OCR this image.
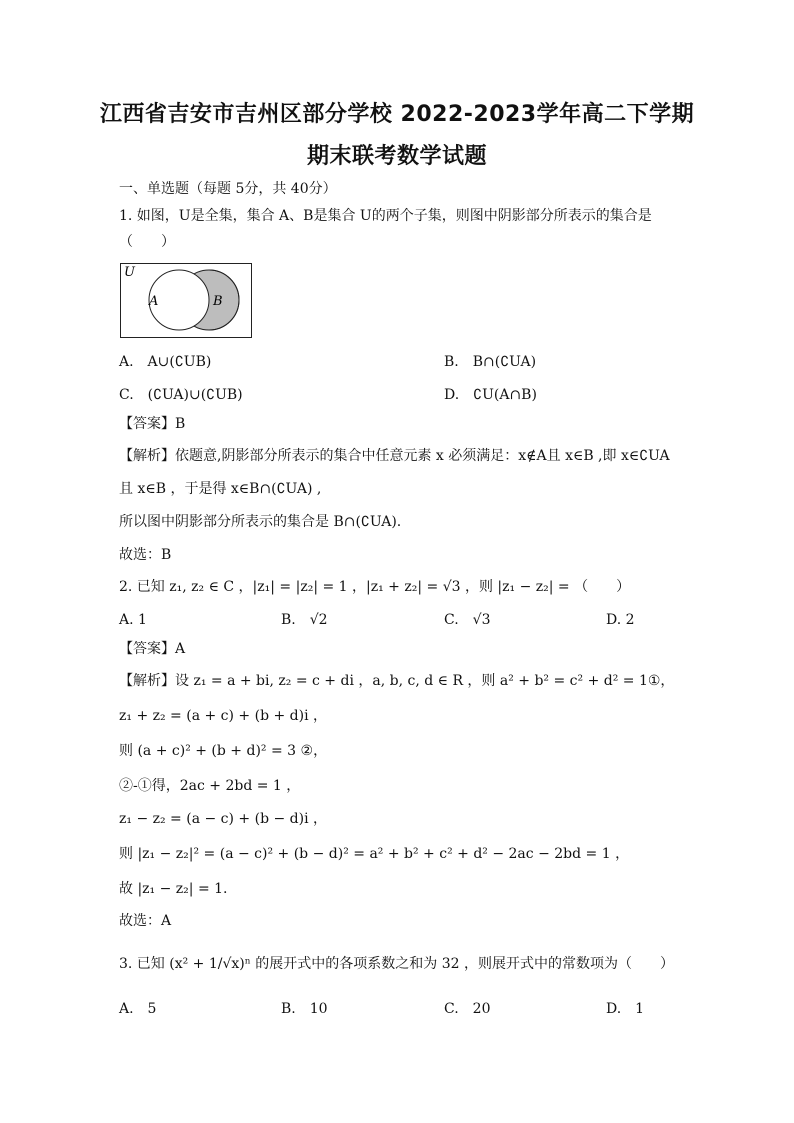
江西省吉安市吉州区部分学校 2022-2023学年高二下学期
期末联考数学试题
一、单选题（每题 5分，共 40分）
1. 如图，U是全集，集合 A、B是集合 U的两个子集，则图中阴影部分所表示的集合是
（　　）
U
A	B
A.　A∪(∁UB)	B.　B∩(∁UA)
C.　(∁UA)∪(∁UB)	D.　∁U(A∩B)
【答案】B
【解析】依题意,阴影部分所表示的集合中任意元素 x 必须满足：x∉A且 x∈B ,即 x∈∁UA
且 x∈B ，于是得 x∈B∩(∁UA) ,
所以图中阴影部分所表示的集合是 B∩(∁UA).
故选：B
2. 已知 z₁, z₂ ∈ C ，|z₁| = |z₂| = 1 ，|z₁ + z₂| = √3 ，则 |z₁ − z₂| = （　　）
A. 1	B.　√2	C.　√3	D. 2
【答案】A
【解析】设 z₁ = a + bi, z₂ = c + di ，a, b, c, d ∈ R ，则 a² + b² = c² + d² = 1①，
z₁ + z₂ = (a + c) + (b + d)i ，
则 (a + c)² + (b + d)² = 3 ②，
②-①得，2ac + 2bd = 1 ，
z₁ − z₂ = (a − c) + (b − d)i ，
则 |z₁ − z₂|² = (a − c)² + (b − d)² = a² + b² + c² + d² − 2ac − 2bd = 1 ，
故 |z₁ − z₂| = 1.
故选：A
3. 已知 (x² + 1/√x)ⁿ 的展开式中的各项系数之和为 32 ，则展开式中的常数项为（　　）
A.　5	B.　10	C.　20	D.　1
